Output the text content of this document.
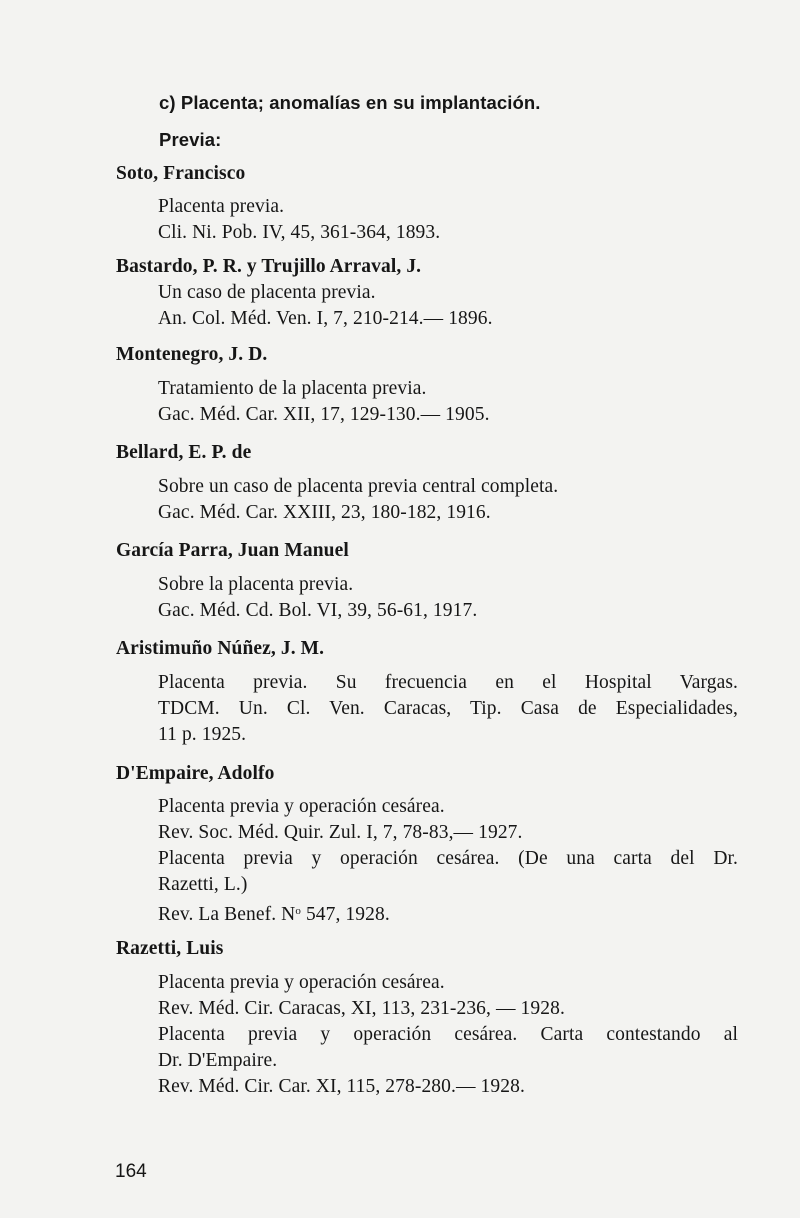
c) Placenta; anomalías en su implantación.
Previa:
Soto, Francisco
Placenta previa.
Cli. Ni. Pob. IV, 45, 361-364, 1893.
Bastardo, P. R. y Trujillo Arraval, J.
Un caso de placenta previa.
An. Col. Méd. Ven. I, 7, 210-214.— 1896.
Montenegro, J. D.
Tratamiento de la placenta previa.
Gac. Méd. Car. XII, 17, 129-130.— 1905.
Bellard, E. P. de
Sobre un caso de placenta previa central completa.
Gac. Méd. Car. XXIII, 23, 180-182, 1916.
García Parra, Juan Manuel
Sobre la placenta previa.
Gac. Méd. Cd. Bol. VI, 39, 56-61, 1917.
Aristimuño Núñez, J. M.
Placenta previa. Su frecuencia en el Hospital Vargas.
TDCM. Un. Cl. Ven. Caracas, Tip. Casa de Especialidades,
11 p. 1925.
D'Empaire, Adolfo
Placenta previa y operación cesárea.
Rev. Soc. Méd. Quir. Zul. I, 7, 78-83,— 1927.
Placenta previa y operación cesárea. (De una carta del Dr.
Razetti, L.)
Rev. La Benef. $N^o$ 547, 1928.
Razetti, Luis
Placenta previa y operación cesárea.
Rev. Méd. Cir. Caracas, XI, 113, 231-236, — 1928.
Placenta previa y operación cesárea. Carta contestando al
Dr. D'Empaire.
Rev. Méd. Cir. Car. XI, 115, 278-280.— 1928.
164
